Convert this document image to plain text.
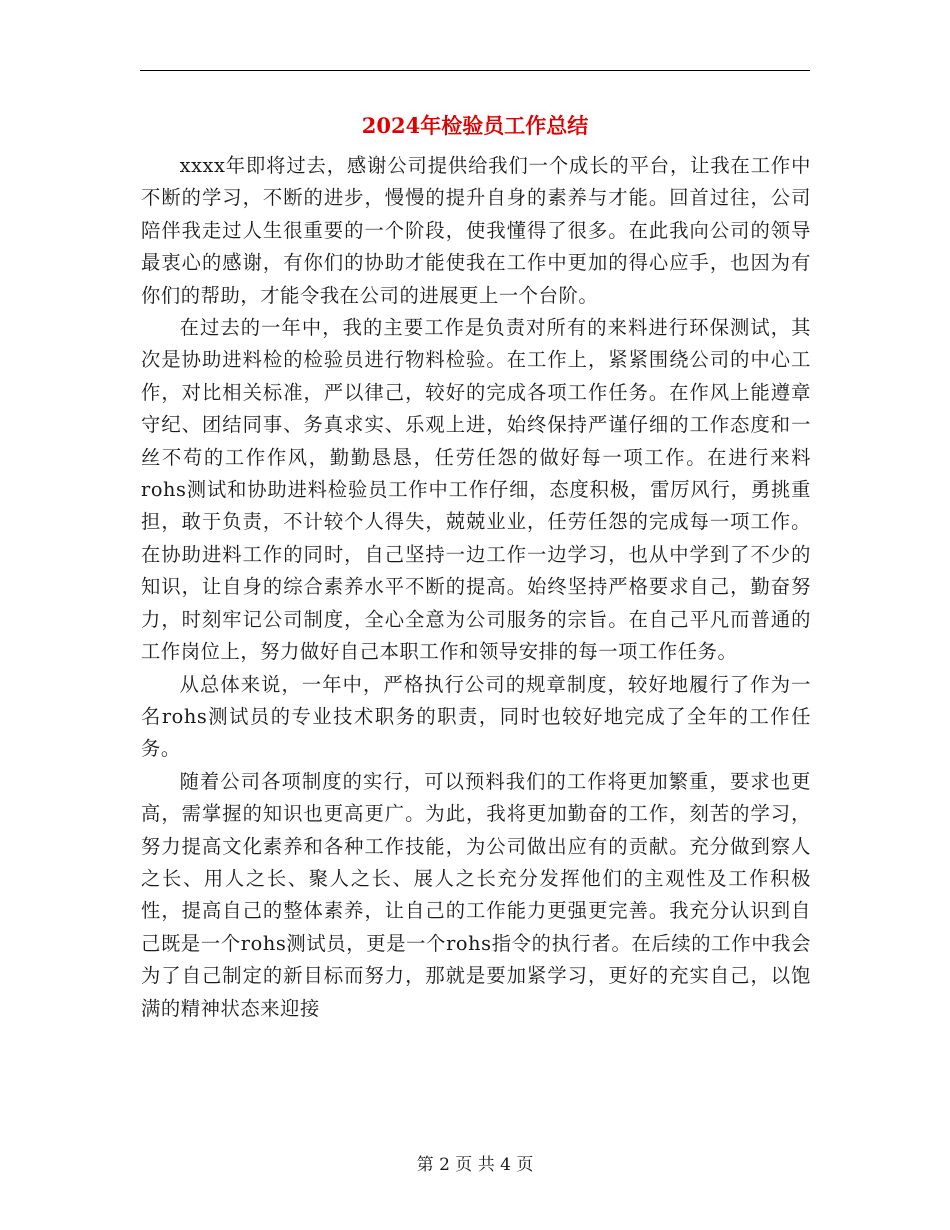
2024年检验员工作总结

xxxx年即将过去，感谢公司提供给我们一个成长的平台，让我在工作中不断的学习，不断的进步，慢慢的提升自身的素养与才能。回首过往，公司陪伴我走过人生很重要的一个阶段，使我懂得了很多。在此我向公司的领导最衷心的感谢，有你们的协助才能使我在工作中更加的得心应手，也因为有你们的帮助，才能令我在公司的进展更上一个台阶。

在过去的一年中，我的主要工作是负责对所有的来料进行环保测试，其次是协助进料检的检验员进行物料检验。在工作上，紧紧围绕公司的中心工作，对比相关标准，严以律己，较好的完成各项工作任务。在作风上能遵章守纪、团结同事、务真求实、乐观上进，始终保持严谨仔细的工作态度和一丝不苟的工作作风，勤勤恳恳，任劳任怨的做好每一项工作。在进行来料rohs测试和协助进料检验员工作中工作仔细，态度积极，雷厉风行，勇挑重担，敢于负责，不计较个人得失，兢兢业业，任劳任怨的完成每一项工作。在协助进料工作的同时，自己坚持一边工作一边学习，也从中学到了不少的知识，让自身的综合素养水平不断的提高。始终坚持严格要求自己，勤奋努力，时刻牢记公司制度，全心全意为公司服务的宗旨。在自己平凡而普通的工作岗位上，努力做好自己本职工作和领导安排的每一项工作任务。

从总体来说，一年中，严格执行公司的规章制度，较好地履行了作为一名rohs测试员的专业技术职务的职责，同时也较好地完成了全年的工作任务。

随着公司各项制度的实行，可以预料我们的工作将更加繁重，要求也更高，需掌握的知识也更高更广。为此，我将更加勤奋的工作，刻苦的学习，努力提高文化素养和各种工作技能，为公司做出应有的贡献。充分做到察人之长、用人之长、聚人之长、展人之长充分发挥他们的主观性及工作积极性，提高自己的整体素养，让自己的工作能力更强更完善。我充分认识到自己既是一个rohs测试员，更是一个rohs指令的执行者。在后续的工作中我会为了自己制定的新目标而努力，那就是要加紧学习，更好的充实自己，以饱满的精神状态来迎接

第 2 页 共 4 页
